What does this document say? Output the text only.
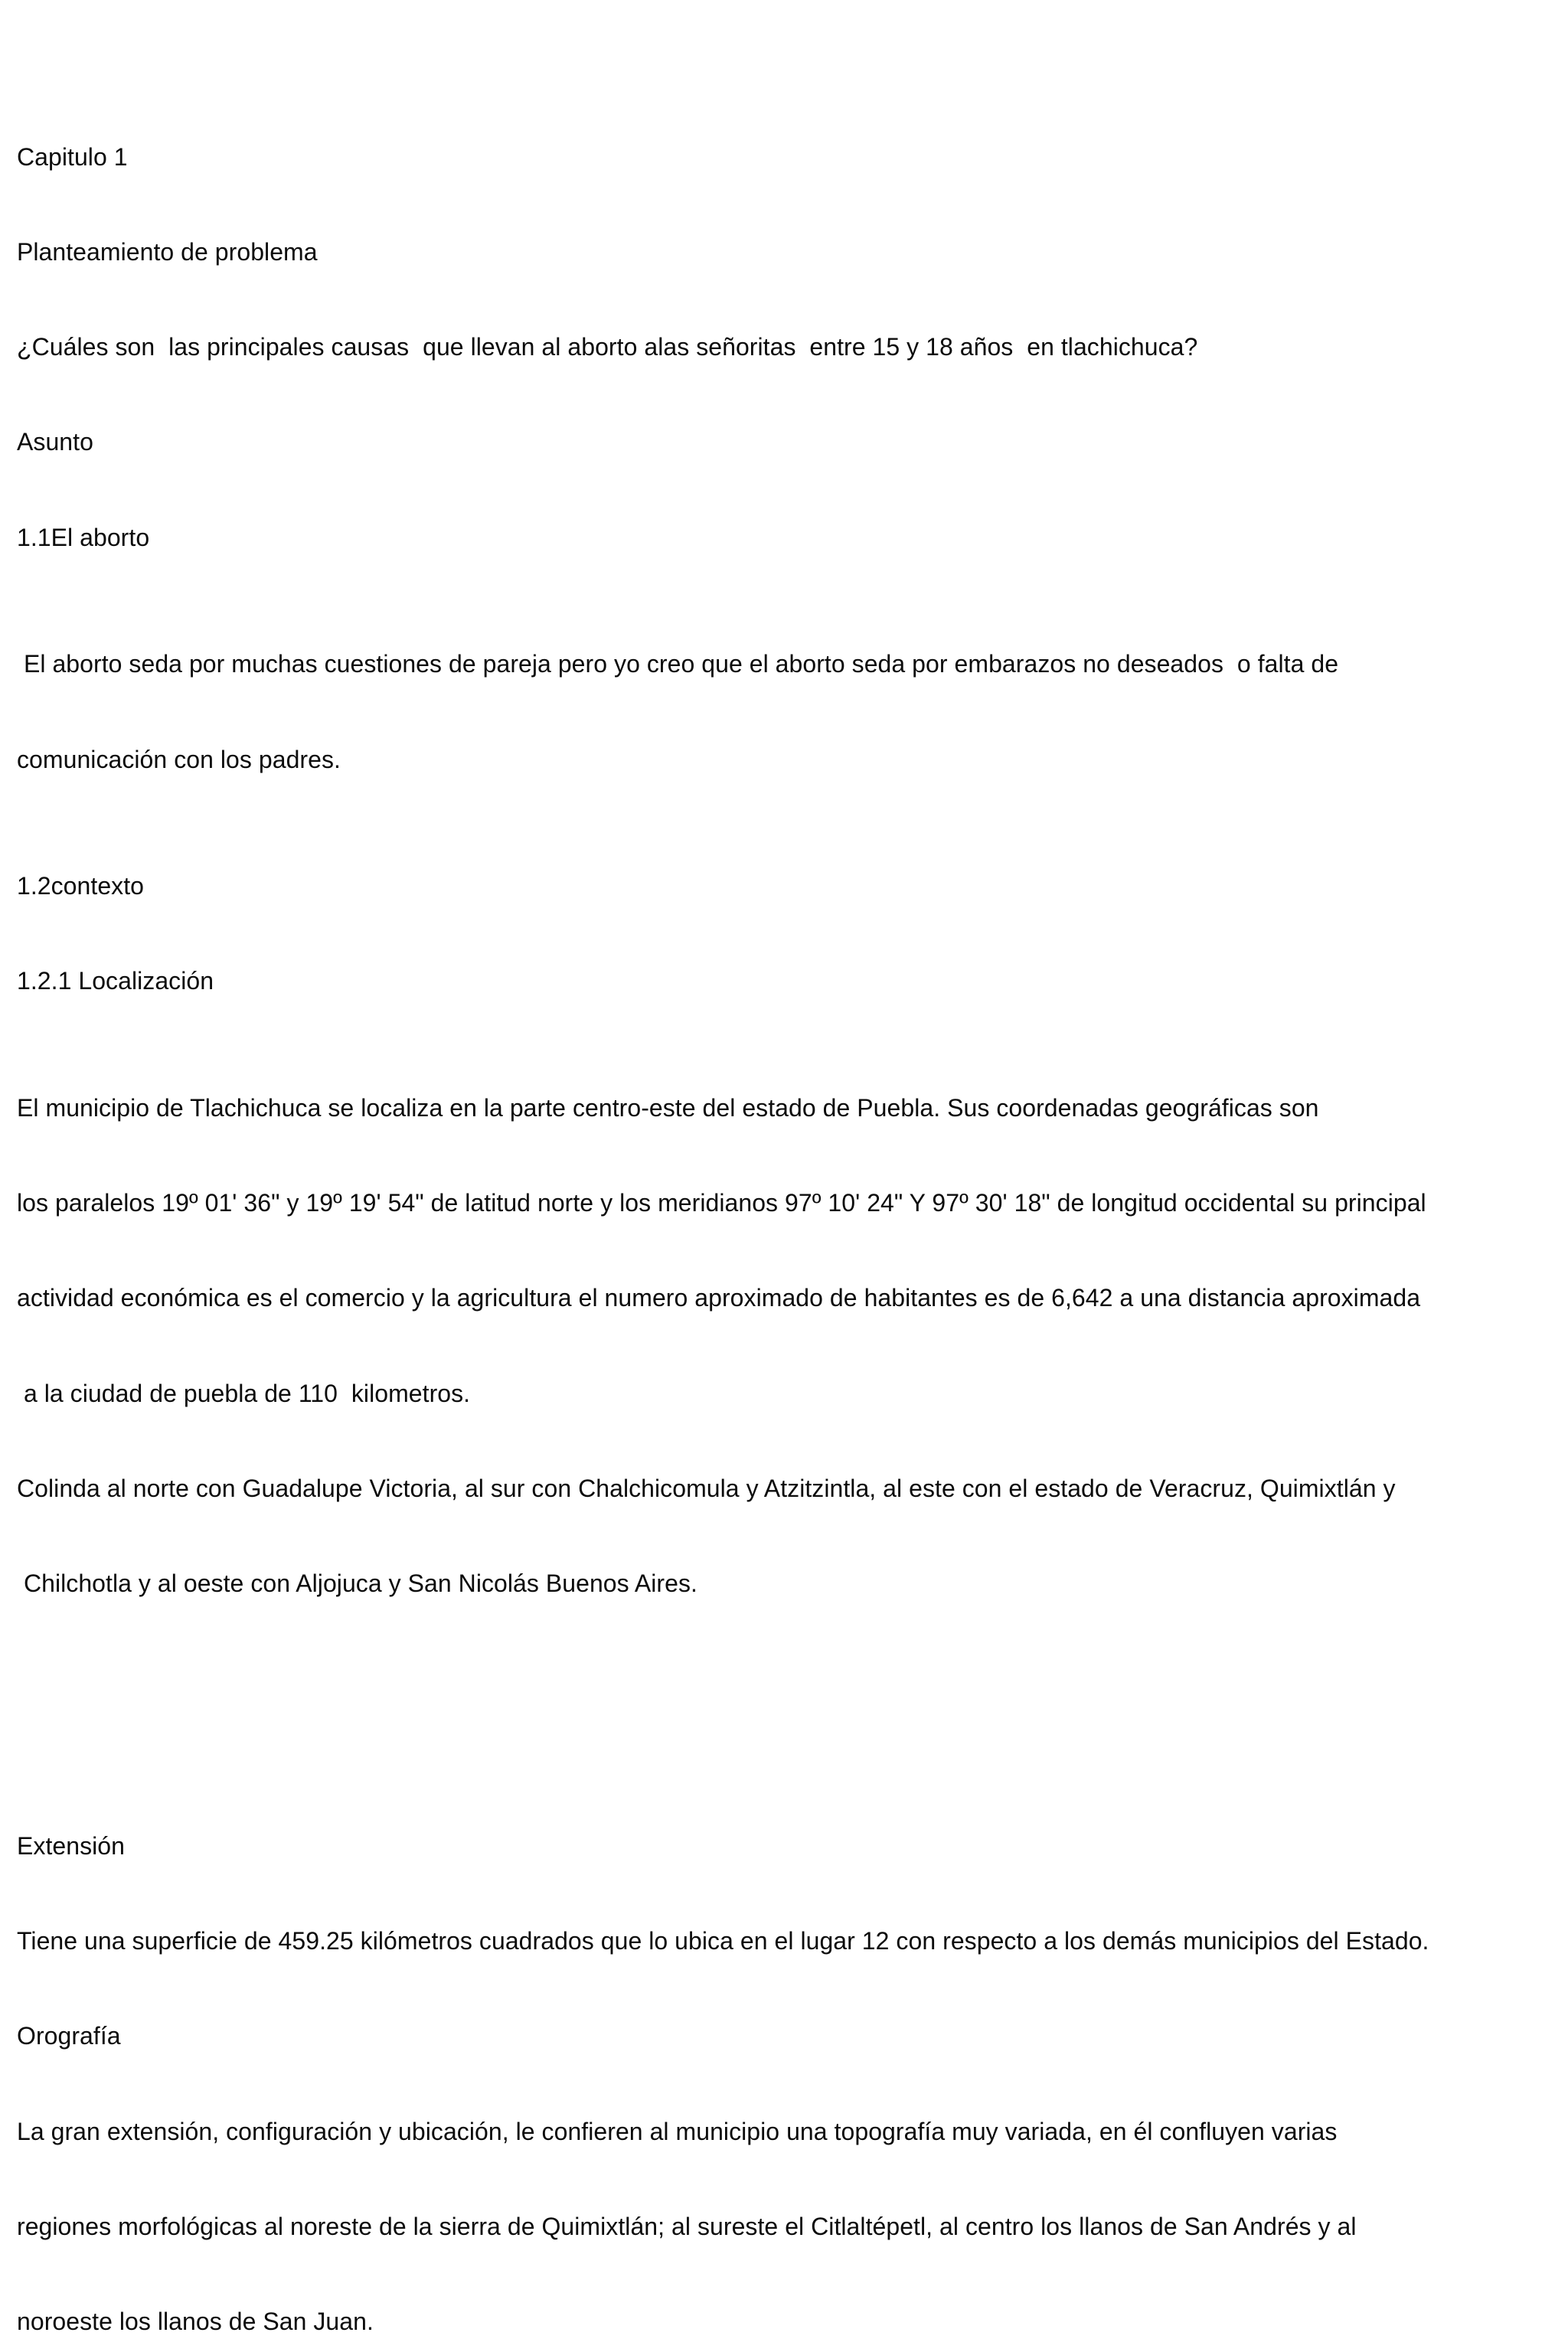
Capitulo 1

Planteamiento de problema

¿Cuáles son  las principales causas  que llevan al aborto alas señoritas  entre 15 y 18 años  en tlachichuca?

Asunto

1.1El aborto

El aborto seda por muchas cuestiones de pareja pero yo creo que el aborto seda por embarazos no deseados  o falta de

comunicación con los padres.

1.2contexto

1.2.1 Localización

El municipio de Tlachichuca se localiza en la parte centro-este del estado de Puebla. Sus coordenadas geográficas son

los paralelos 19º 01' 36" y 19º 19' 54" de latitud norte y los meridianos 97º 10' 24" Y 97º 30' 18" de longitud occidental su principal

actividad económica es el comercio y la agricultura el numero aproximado de habitantes es de 6,642 a una distancia aproximada

a la ciudad de puebla de 110  kilometros.

Colinda al norte con Guadalupe Victoria, al sur con Chalchicomula y Atzitzintla, al este con el estado de Veracruz, Quimixtlán y

Chilchotla y al oeste con Aljojuca y San Nicolás Buenos Aires.

Extensión

Tiene una superficie de 459.25 kilómetros cuadrados que lo ubica en el lugar 12 con respecto a los demás municipios del Estado.

Orografía

La gran extensión, configuración y ubicación, le confieren al municipio una topografía muy variada, en él confluyen varias

regiones morfológicas al noreste de la sierra de Quimixtlán; al sureste el Citlaltépetl, al centro los llanos de San Andrés y al

noroeste los llanos de San Juan.
